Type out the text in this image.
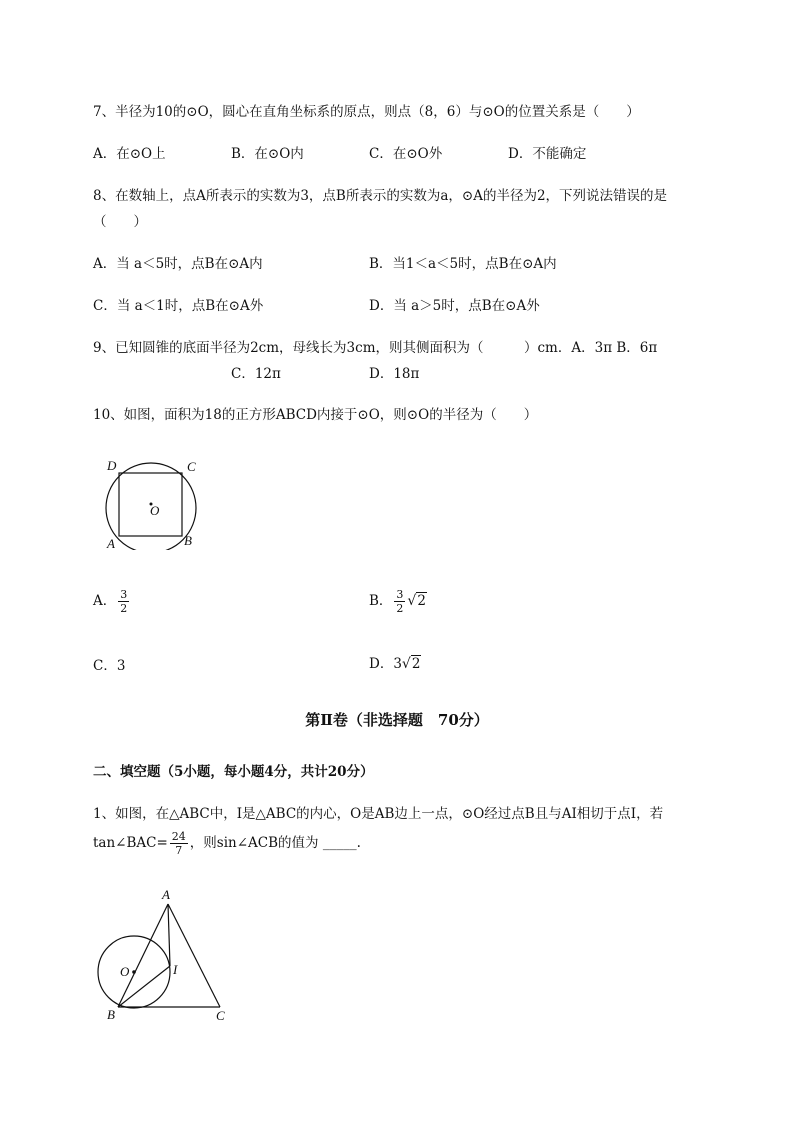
7、半径为10的⊙O，圆心在直角坐标系的原点，则点（8，6）与⊙O的位置关系是（　　）
A．在⊙O上	B．在⊙O内	C．在⊙O外	D．不能确定
8、在数轴上，点A所表示的实数为3，点B所表示的实数为a，⊙A的半径为2，下列说法错误的是
（　　）
A．当 a＜5时，点B在⊙A内	B．当1＜a＜5时，点B在⊙A内
C．当 a＜1时，点B在⊙A外	D．当 a＞5时，点B在⊙A外
9、已知圆锥的底面半径为2cm，母线长为3cm，则其侧面积为（　　　）cm．A．3π B．6π
C．12π	D．18π
10、如图，面积为18的正方形ABCD内接于⊙O，则⊙O的半径为（　　）
D	C
O
A	B
A． $\frac{3}{2}$	B． $\frac{3}{2} √2$
C．3	D．3√2
第Ⅱ卷（非选择题　70分）
二、填空题（5小题，每小题4分，共计20分）
1、如图，在△ABC中，I是△ABC的内心，O是AB边上一点，⊙O经过点B且与AI相切于点I，若
tan∠BAC= $\frac{24}{7}$ ，则sin∠ACB的值为 _____.
A
O	I
B	C
